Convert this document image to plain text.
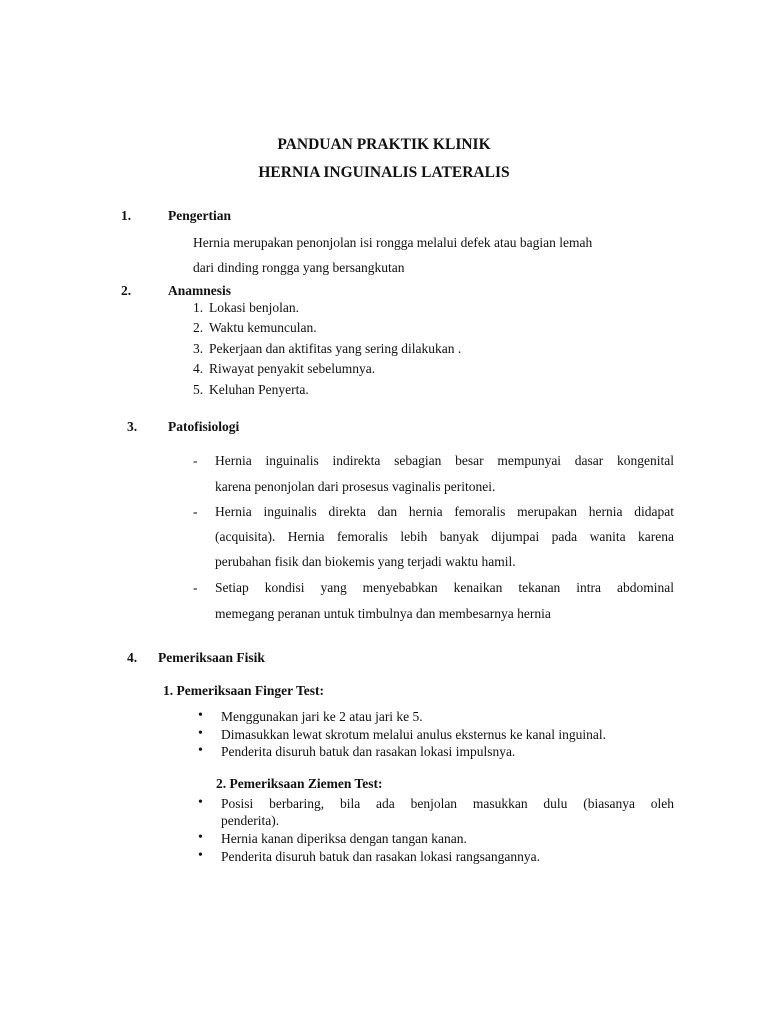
PANDUAN PRAKTIK KLINIK
HERNIA INGUINALIS LATERALIS
1.	Pengertian
Hernia merupakan penonjolan isi rongga melalui defek atau bagian lemah
dari dinding rongga yang bersangkutan
2.	Anamnesis
1. Lokasi benjolan.
2. Waktu kemunculan.
3. Pekerjaan dan aktifitas yang sering dilakukan .
4. Riwayat penyakit sebelumnya.
5. Keluhan Penyerta.
3. Patofisiologi
- Hernia inguinalis indirekta sebagian besar mempunyai dasar kongenital
karena penonjolan dari prosesus vaginalis peritonei.
- Hernia inguinalis direkta dan hernia femoralis merupakan hernia didapat
(acquisita). Hernia femoralis lebih banyak dijumpai pada wanita karena
perubahan fisik dan biokemis yang terjadi waktu hamil.
- Setiap kondisi yang menyebabkan kenaikan tekanan intra abdominal
memegang peranan untuk timbulnya dan membesarnya hernia
4. Pemeriksaan Fisik
1. Pemeriksaan Finger Test:
• Menggunakan jari ke 2 atau jari ke 5.
• Dimasukkan lewat skrotum melalui anulus eksternus ke kanal inguinal.
• Penderita disuruh batuk dan rasakan lokasi impulsnya.
2. Pemeriksaan Ziemen Test:
• Posisi berbaring, bila ada benjolan masukkan dulu (biasanya oleh
penderita).
• Hernia kanan diperiksa dengan tangan kanan.
• Penderita disuruh batuk dan rasakan lokasi rangsangannya.
